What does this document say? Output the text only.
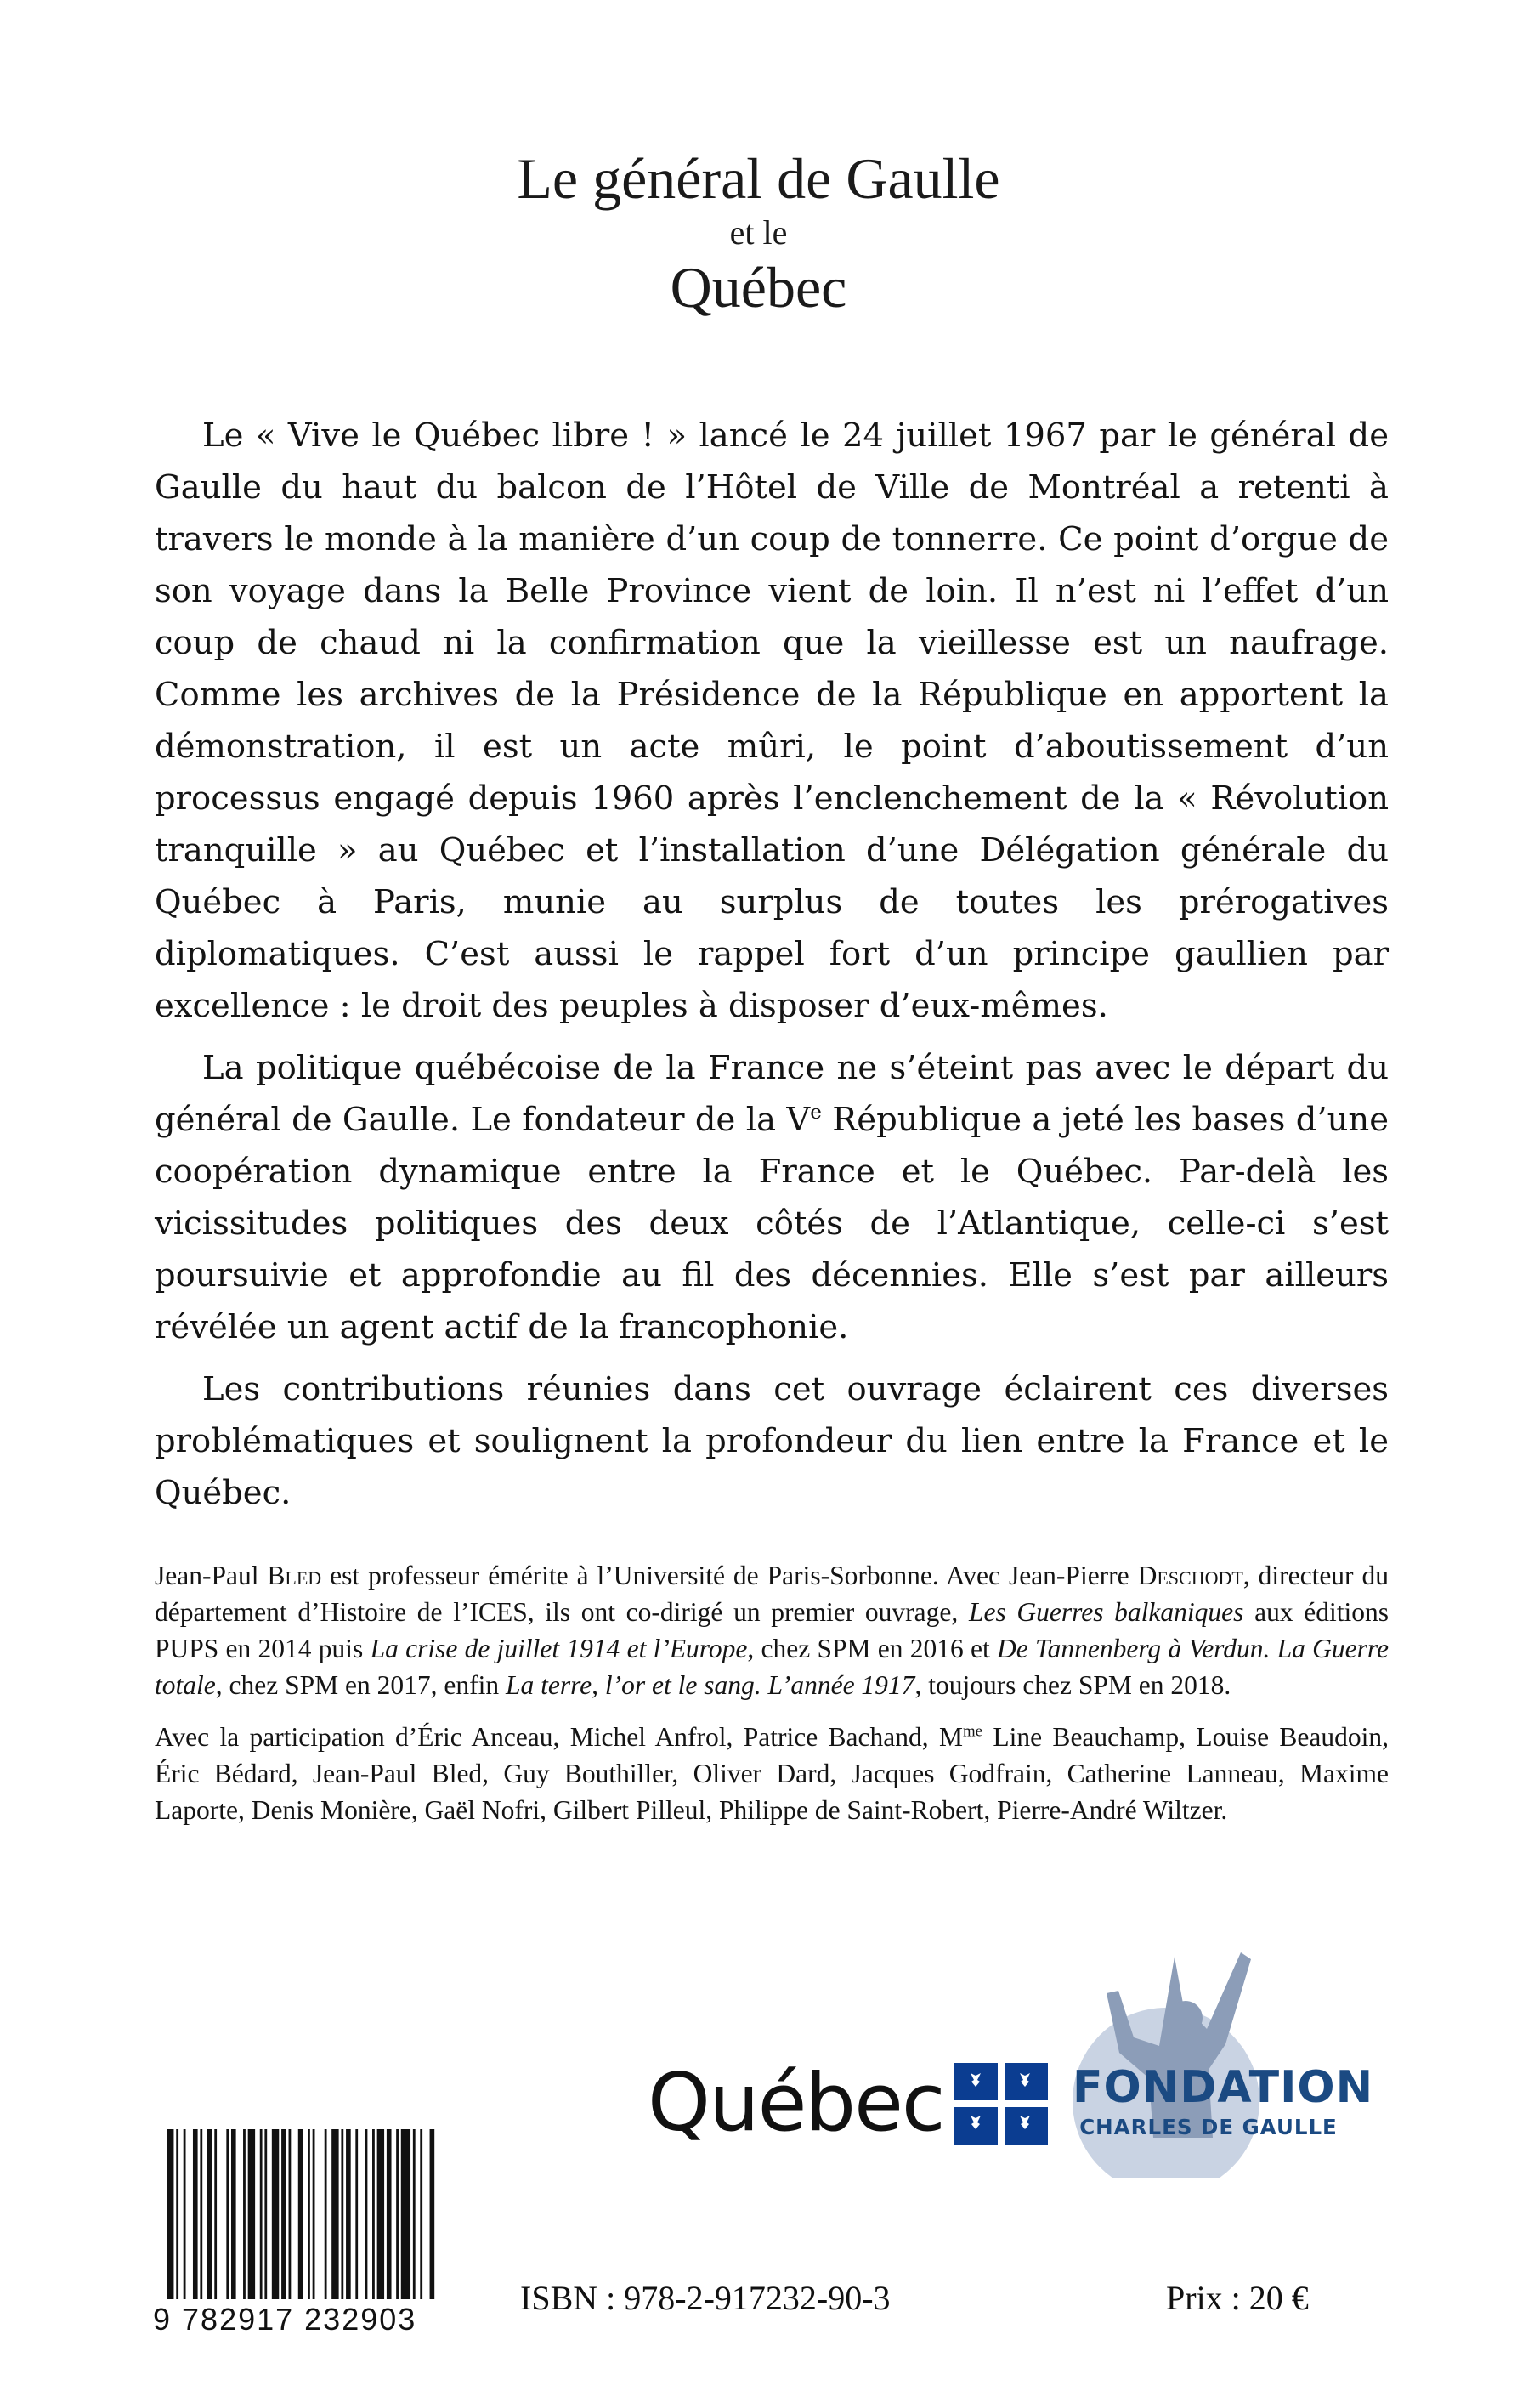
Le général de Gaulle
et le
Québec

Le « Vive le Québec libre ! » lancé le 24 juillet 1967 par le général de Gaulle du haut du balcon de l’Hôtel de Ville de Montréal a retenti à travers le monde à la manière d’un coup de tonnerre. Ce point d’orgue de son voyage dans la Belle Province vient de loin. Il n’est ni l’effet d’un coup de chaud ni la confirmation que la vieillesse est un naufrage. Comme les archives de la Présidence de la République en apportent la démonstration, il est un acte mûri, le point d’aboutissement d’un processus engagé depuis 1960 après l’enclenchement de la « Révolution tranquille » au Québec et l’installation d’une Délégation générale du Québec à Paris, munie au surplus de toutes les prérogatives diplomatiques. C’est aussi le rappel fort d’un principe gaullien par excellence : le droit des peuples à disposer d’eux-mêmes.

La politique québécoise de la France ne s’éteint pas avec le départ du général de Gaulle. Le fondateur de la Ve République a jeté les bases d’une coopération dynamique entre la France et le Québec. Par-delà les vicissitudes politiques des deux côtés de l’Atlantique, celle-ci s’est poursuivie et approfondie au fil des décennies. Elle s’est par ailleurs révélée un agent actif de la francophonie.

Les contributions réunies dans cet ouvrage éclairent ces diverses problématiques et soulignent la profondeur du lien entre la France et le Québec.

Jean-Paul Bled est professeur émérite à l’Université de Paris-Sorbonne. Avec Jean-Pierre Deschodt, directeur du département d’Histoire de l’ICES, ils ont co-dirigé un premier ouvrage, Les Guerres balkaniques aux éditions PUPS en 2014 puis La crise de juillet 1914 et l’Europe, chez SPM en 2016 et De Tannenberg à Verdun. La Guerre totale, chez SPM en 2017, enfin La terre, l’or et le sang. L’année 1917, toujours chez SPM en 2018.

Avec la participation d’Éric Anceau, Michel Anfrol, Patrice Bachand, $M^{me}$ Line Beauchamp, Louise Beaudoin, Éric Bédard, Jean-Paul Bled, Guy Bouthiller, Oliver Dard, Jacques Godfrain, Catherine Lanneau, Maxime Laporte, Denis Monière, Gaël Nofri, Gilbert Pilleul, Philippe de Saint-Robert, Pierre-André Wiltzer.

Québec	FONDATION
CHARLES DE GAULLE
9 782917 232903
ISBN : 978-2-917232-90-3	Prix : 20 €
